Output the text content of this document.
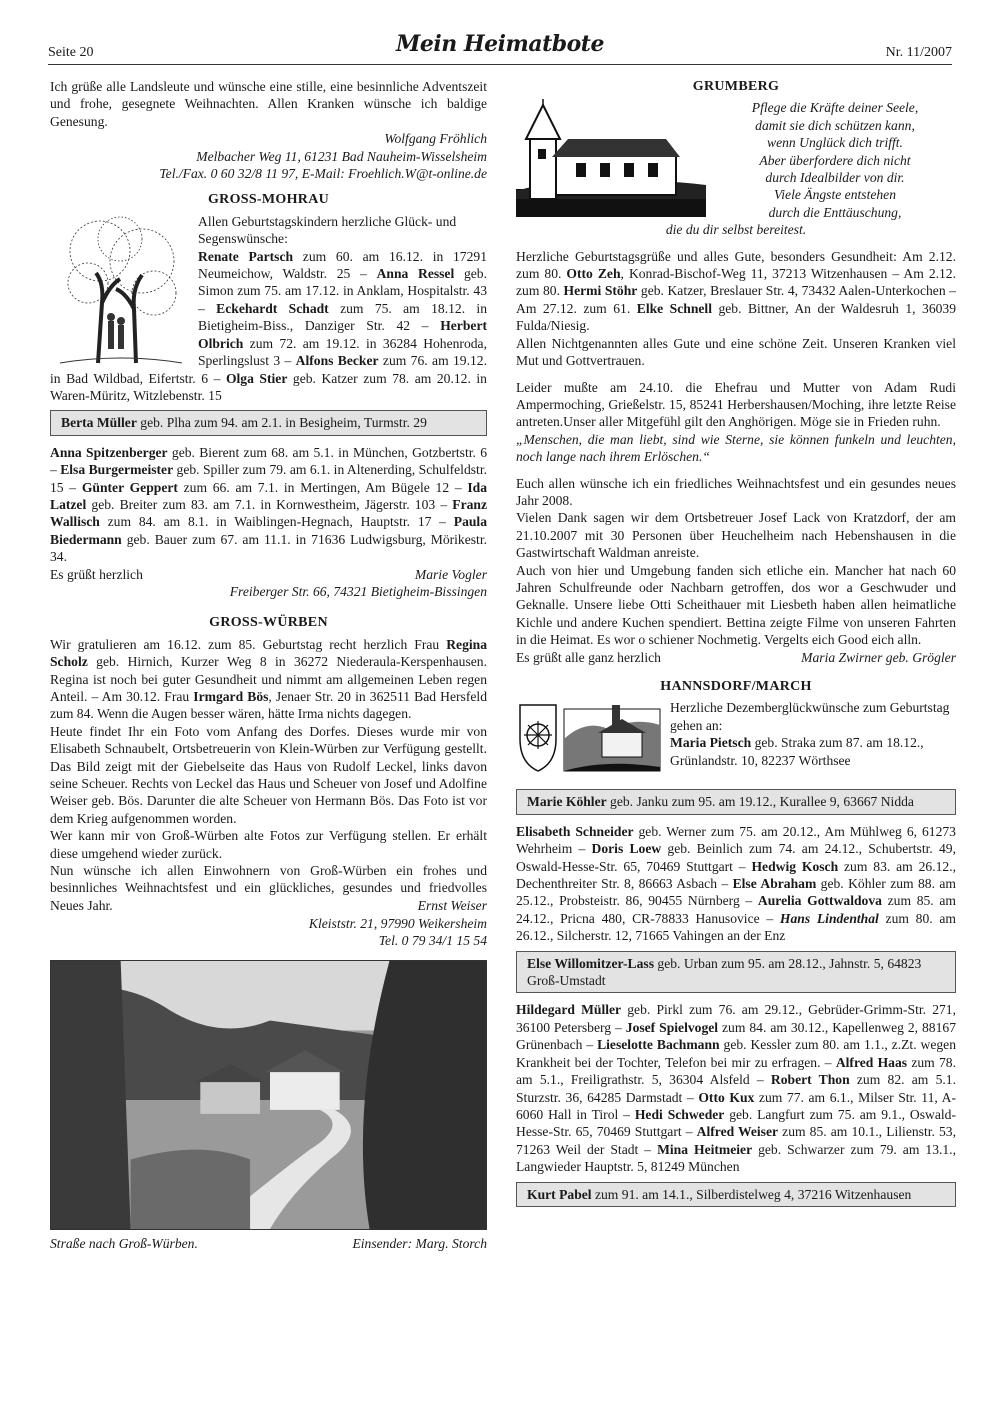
Seite 20	Mein Heimatbote	Nr. 11/2007

Ich grüße alle Landsleute und wünsche eine stille, eine besinnliche Adventszeit und frohe, gesegnete Weihnachten. Allen Kranken wünsche ich baldige Genesung.

Wolfgang Fröhlich
Melbacher Weg 11, 61231 Bad Nauheim-Wisselsheim
Tel./Fax. 0 60 32/8 11 97, E-Mail: Froehlich.W@t-online.de
GROSS-MOHRAU

Allen Geburtstagskindern herzliche Glück- und Segenswünsche:

Renate Partsch zum 60. am 16.12. in 17291 Neumeichow, Waldstr. 25 – Anna Ressel geb. Simon zum 75. am 17.12. in Anklam, Hospitalstr. 43 – Eckehardt Schadt zum 75. am 18.12. in Bietigheim-Biss., Danziger Str. 42 – Herbert Olbrich zum 72. am 19.12. in 36284 Hohenroda, Sperlingslust 3 – Alfons Becker zum 76. am 19.12. in Bad Wildbad, Eifertstr. 6 – Olga Stier geb. Katzer zum 78. am 20.12. in Waren-Müritz, Witzlebenstr. 15

Berta Müller geb. Plha zum 94. am 2.1. in Besigheim, Turmstr. 29

Anna Spitzenberger geb. Bierent zum 68. am 5.1. in München, Gotzbertstr. 6 – Elsa Burgermeister geb. Spiller zum 79. am 6.1. in Altenerding, Schulfeldstr. 15 – Günter Geppert zum 66. am 7.1. in Mertingen, Am Bügele 12 – Ida Latzel geb. Breiter zum 83. am 7.1. in Kornwestheim, Jägerstr. 103 – Franz Wallisch zum 84. am 8.1. in Waiblingen-Hegnach, Hauptstr. 17 – Paula Biedermann geb. Bauer zum 67. am 11.1. in 71636 Ludwigsburg, Mörikestr. 34.

Es grüßt herzlich	Marie Vogler
Freiberger Str. 66, 74321 Bietigheim-Bissingen
GROSS-WÜRBEN

Wir gratulieren am 16.12. zum 85. Geburtstag recht herzlich Frau Regina Scholz geb. Hirnich, Kurzer Weg 8 in 36272 Niederaula-Kerspenhausen. Regina ist noch bei guter Gesundheit und nimmt am allgemeinen Leben regen Anteil. – Am 30.12. Frau Irmgard Bös, Jenaer Str. 20 in 362511 Bad Hersfeld zum 84. Wenn die Augen besser wären, hätte Irma nichts dagegen.

Heute findet Ihr ein Foto vom Anfang des Dorfes. Dieses wurde mir von Elisabeth Schnaubelt, Ortsbetreuerin von Klein-Würben zur Verfügung gestellt. Das Bild zeigt mit der Giebelseite das Haus von Rudolf Leckel, links davon seine Scheuer. Rechts von Leckel das Haus und Scheuer von Josef und Adolfine Weiser geb. Bös. Darunter die alte Scheuer von Hermann Bös. Das Foto ist vor dem Krieg aufgenommen worden.

Wer kann mir von Groß-Würben alte Fotos zur Verfügung stellen. Er erhält diese umgehend wieder zurück.

Nun wünsche ich allen Einwohnern von Groß-Würben ein frohes und besinnliches Weihnachtsfest und ein glückliches, gesundes und friedvolles Neues Jahr.	Ernst Weiser
Kleiststr. 21, 97990 Weikersheim
Tel. 0 79 34/1 15 54
Straße nach Groß-Würben.	Einsender: Marg. Storch
GRUMBERG
Pflege die Kräfte deiner Seele,
damit sie dich schützen kann,
wenn Unglück dich trifft.
Aber überfordere dich nicht
durch Idealbilder von dir.
Viele Ängste entstehen
durch die Enttäuschung,
die du dir selbst bereitest.

Herzliche Geburtstagsgrüße und alles Gute, besonders Gesundheit: Am 2.12. zum 80. Otto Zeh, Konrad-Bischof-Weg 11, 37213 Witzenhausen – Am 2.12. zum 80. Hermi Stöhr geb. Katzer, Breslauer Str. 4, 73432 Aalen-Unterkochen – Am 27.12. zum 61. Elke Schnell geb. Bittner, An der Waldesruh 1, 36039 Fulda/Niesig.

Allen Nichtgenannten alles Gute und eine schöne Zeit. Unseren Kranken viel Mut und Gottvertrauen.

Leider mußte am 24.10. die Ehefrau und Mutter von Adam Rudi Ampermoching, Grießelstr. 15, 85241 Herbershausen/Moching, ihre letzte Reise antreten.Unser aller Mitgefühl gilt den Anghörigen. Möge sie in Frieden ruhn.

„Menschen, die man liebt, sind wie Sterne, sie können funkeln und leuchten, noch lange nach ihrem Erlöschen.“

Euch allen wünsche ich ein friedliches Weihnachtsfest und ein gesundes neues Jahr 2008.

Vielen Dank sagen wir dem Ortsbetreuer Josef Lack von Kratzdorf, der am 21.10.2007 mit 30 Personen über Heuchelheim nach Hebenshausen in die Gastwirtschaft Waldman anreiste.

Auch von hier und Umgebung fanden sich etliche ein. Mancher hat nach 60 Jahren Schulfreunde oder Nachbarn getroffen, dos wor a Geschwuder und Geknalle. Unsere liebe Otti Scheithauer mit Liesbeth haben allen heimatliche Kichle und andere Kuchen spendiert. Bettina zeigte Filme von unseren Fahrten in die Heimat. Es wor o schiener Nochmetig. Vergelts eich Good eich alln.

Es grüßt alle ganz herzlich	Maria Zwirner geb. Grögler
HANNSDORF/MARCH

Herzliche Dezemberglückwünsche zum Geburtstag gehen an:

Maria Pietsch geb. Straka zum 87. am 18.12., Grünlandstr. 10, 82237 Wörthsee

Marie Köhler geb. Janku zum 95. am 19.12., Kurallee 9, 63667 Nidda

Elisabeth Schneider geb. Werner zum 75. am 20.12., Am Mühlweg 6, 61273 Wehrheim – Doris Loew geb. Beinlich zum 74. am 24.12., Schubertstr. 49, Oswald-Hesse-Str. 65, 70469 Stuttgart – Hedwig Kosch zum 83. am 26.12., Dechenthreiter Str. 8, 86663 Asbach – Else Abraham geb. Köhler zum 88. am 25.12., Probsteistr. 86, 90455 Nürnberg – Aurelia Gottwaldova zum 85. am 24.12., Pricna 480, CR-78833 Hanusovice – Hans Lindenthal zum 80. am 26.12., Silcherstr. 12, 71665 Vahingen an der Enz

Else Willomitzer-Lass geb. Urban zum 95. am 28.12., Jahnstr. 5, 64823 Groß-Umstadt

Hildegard Müller geb. Pirkl zum 76. am 29.12., Gebrüder-Grimm-Str. 271, 36100 Petersberg – Josef Spielvogel zum 84. am 30.12., Kapellenweg 2, 88167 Grünenbach – Lieselotte Bachmann geb. Kessler zum 80. am 1.1., z.Zt. wegen Krankheit bei der Tochter, Telefon bei mir zu erfragen. – Alfred Haas zum 78. am 5.1., Freiligrathstr. 5, 36304 Alsfeld – Robert Thon zum 82. am 5.1. Sturzstr. 36, 64285 Darmstadt – Otto Kux zum 77. am 6.1., Milser Str. 11, A-6060 Hall in Tirol – Hedi Schweder geb. Langfurt zum 75. am 9.1., Oswald-Hesse-Str. 65, 70469 Stuttgart – Alfred Weiser zum 85. am 10.1., Lilienstr. 53, 71263 Weil der Stadt – Mina Heitmeier geb. Schwarzer zum 79. am 13.1., Langwieder Hauptstr. 5, 81249 München

Kurt Pabel zum 91. am 14.1., Silberdistelweg 4, 37216 Witzenhausen
